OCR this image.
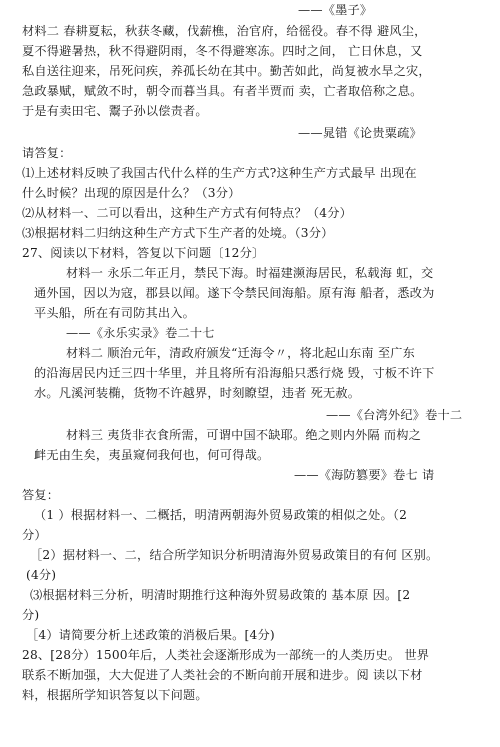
——《墨子》
材料二 春耕夏耘，秋获冬藏，伐薪樵，治官府，给徭役。春不得 避风尘，
夏不得避暑热，秋不得避阴雨，冬不得避寒冻。四时之间， 亡日休息，又
私自送往迎来，吊死问疾，养孤长幼在其中。勤苦如此，尚复被水旱之灾，
急政暴赋，赋敛不时，朝令而暮当具。有者半贾而 卖，亡者取倍称之息。
于是有卖田宅、鬻子孙以偿责者。
——晁错《论贵粟疏》
请答复：
⑴上述材料反映了我国古代什么样的生产方式?这种生产方式最早 出现在
什么时候？出现的原因是什么？（3分）
⑵从材料一、二可以看出，这种生产方式有何特点？（4分）
⑶根据材料二归纳这种生产方式下生产者的处境。（3分）
27、阅读以下材料，答复以下问题〔12分〕
材料一 永乐二年正月，禁民下海。时福建濒海居民，私载海 虹，交
通外国，因以为寇，郡县以闻。遂下令禁民间海船。原有海 船者，悉改为
平头船，所在有司防其出入。
——《永乐实录》卷二十七
材料二 顺治元年，清政府颁发“迁海令〃，将北起山东南 至广东
的沿海居民内迁三四十华里，并且将所有沿海船只悉行烧 毁，寸板不许下
水。凡溪河装椭，货物不许越界，时刻瞭望，违者 死无赦。
——《台湾外纪》卷十二
材料三 夷货非衣食所需，可谓中国不缺耶。绝之则内外隔 而构之
衅无由生矣，夷虽窥伺我何也，何可得哉。
——《海防篡要》卷七 请
答复：
（1 ）根据材料一、二概括，明清两朝海外贸易政策的相似之处。（2
分）
［2）据材料一、二，结合所学知识分析明清海外贸易政策目的有何 区别。
(4分)
⑶根据材料三分析，明清时期推行这种海外贸易政策的 基本原 因。[2
分)
［4）请简要分析上述政策的消极后果。[4分)
28、[28分）1500年后，人类社会逐渐形成为一部统一的人类历史。 世界
联系不断加强，大大促进了人类社会的不断向前开展和进步。阅 读以下材
料，根据所学知识答复以下问题。
